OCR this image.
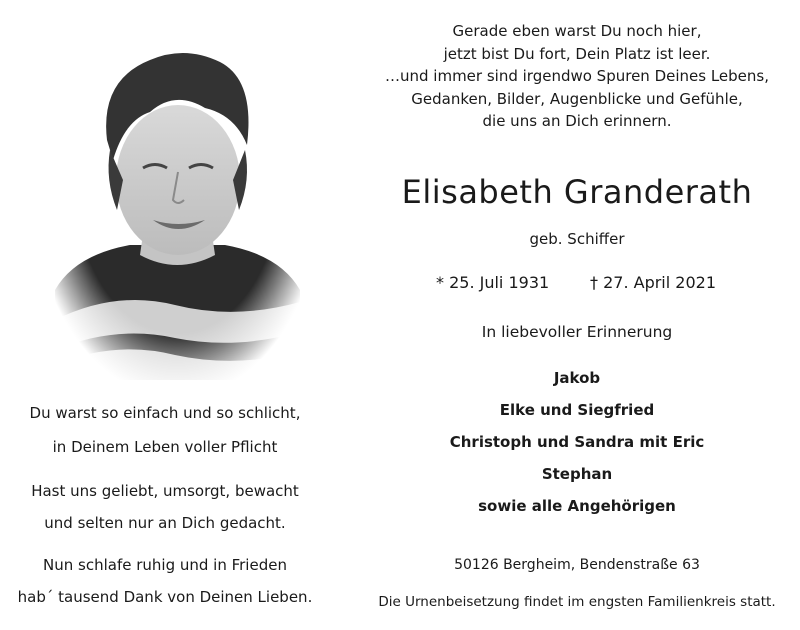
Du warst so einfach und so schlicht,
in Deinem Leben voller Pflicht
Hast uns geliebt, umsorgt, bewacht
und selten nur an Dich gedacht.
Nun schlafe ruhig und in Frieden
hab´ tausend Dank von Deinen Lieben.
Gerade eben warst Du noch hier,
jetzt bist Du fort, Dein Platz ist leer.
…und immer sind irgendwo Spuren Deines Lebens,
Gedanken, Bilder, Augenblicke und Gefühle,
die uns an Dich erinnern.
Elisabeth Granderath
geb. Schiffer
* 25. Juli 1931	† 27. April 2021
In liebevoller Erinnerung
Jakob
Elke und Siegfried
Christoph und Sandra mit Eric
Stephan
sowie alle Angehörigen
50126 Bergheim, Bendenstraße 63
Die Urnenbeisetzung findet im engsten Familienkreis statt.
